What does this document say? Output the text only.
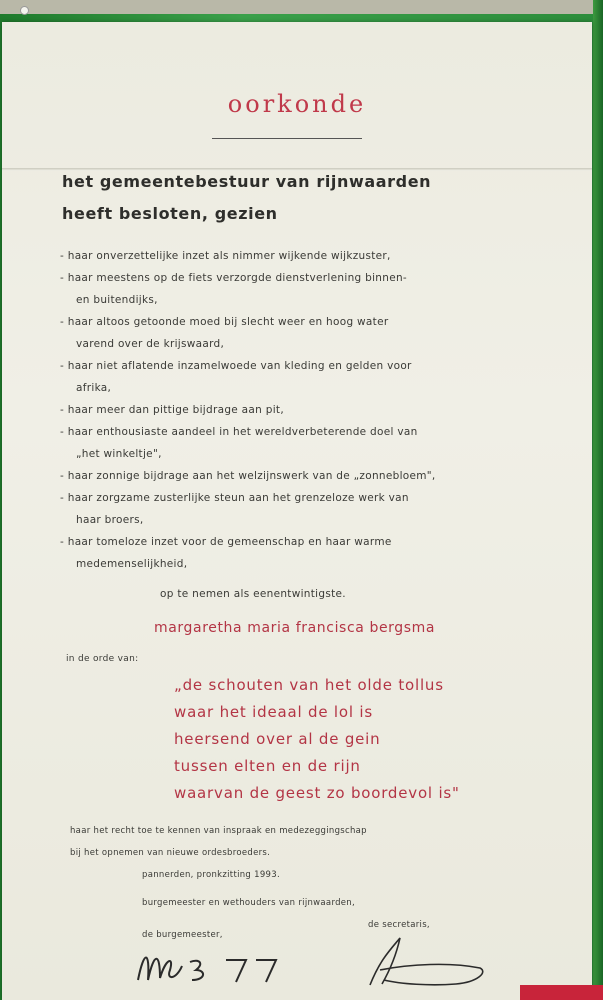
oorkonde
het gemeentebestuur van rijnwaarden
heeft besloten, gezien
- haar onverzettelijke inzet als nimmer wijkende wijkzuster,
- haar meestens op de fiets verzorgde dienstverlening binnen-
en buitendijks,
- haar altoos getoonde moed bij slecht weer en hoog water
varend over de krijswaard,
- haar niet aflatende inzamelwoede van kleding en gelden voor
afrika,
- haar meer dan pittige bijdrage aan pit,
- haar enthousiaste aandeel in het wereldverbeterende doel van
„het winkeltje",
- haar zonnige bijdrage aan het welzijnswerk van de „zonnebloem",
- haar zorgzame zusterlijke steun aan het grenzeloze werk van
haar broers,
- haar tomeloze inzet voor de gemeenschap en haar warme
medemenselijkheid,
op te nemen als eenentwintigste.
margaretha maria francisca bergsma
in de orde van:
„de schouten van het olde tollus
waar het ideaal de lol is
heersend over al de gein
tussen elten en de rijn
waarvan de geest zo boordevol is"
haar het recht toe te kennen van inspraak en medezeggingschap
bij het opnemen van nieuwe ordesbroeders.
pannerden, pronkzitting 1993.
burgemeester en wethouders van rijnwaarden,
de burgemeester,
de secretaris,
